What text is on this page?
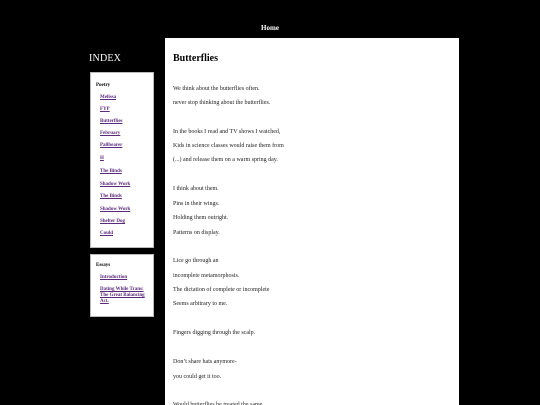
Home
INDEX
Poetry
Melissa
FYP
Butterflies
February
Pallbearer
H
The Binds
Shadow Work
The Binds
Shadow Work
Shelter Dog
Could
Essays
Introduction
Dating While Trans: The Great Balancing Act.
Butterflies
We think about the butterflies often.
never stop thinking about the butterflies.
In the books I read and TV shows I watched,
Kids in science classes would raise them from
(...) and release them on a warm spring day.
I think about them.
Pins in their wings.
Holding them outright.
Patterns on display.
Lice go through an
incomplete metamorphosis.
The dictation of complete or incomplete
Seems arbitrary to me.
Fingers digging through the scalp.
Don’t share hats anymore-
you could get it too.
Would butterflies be treated the same
